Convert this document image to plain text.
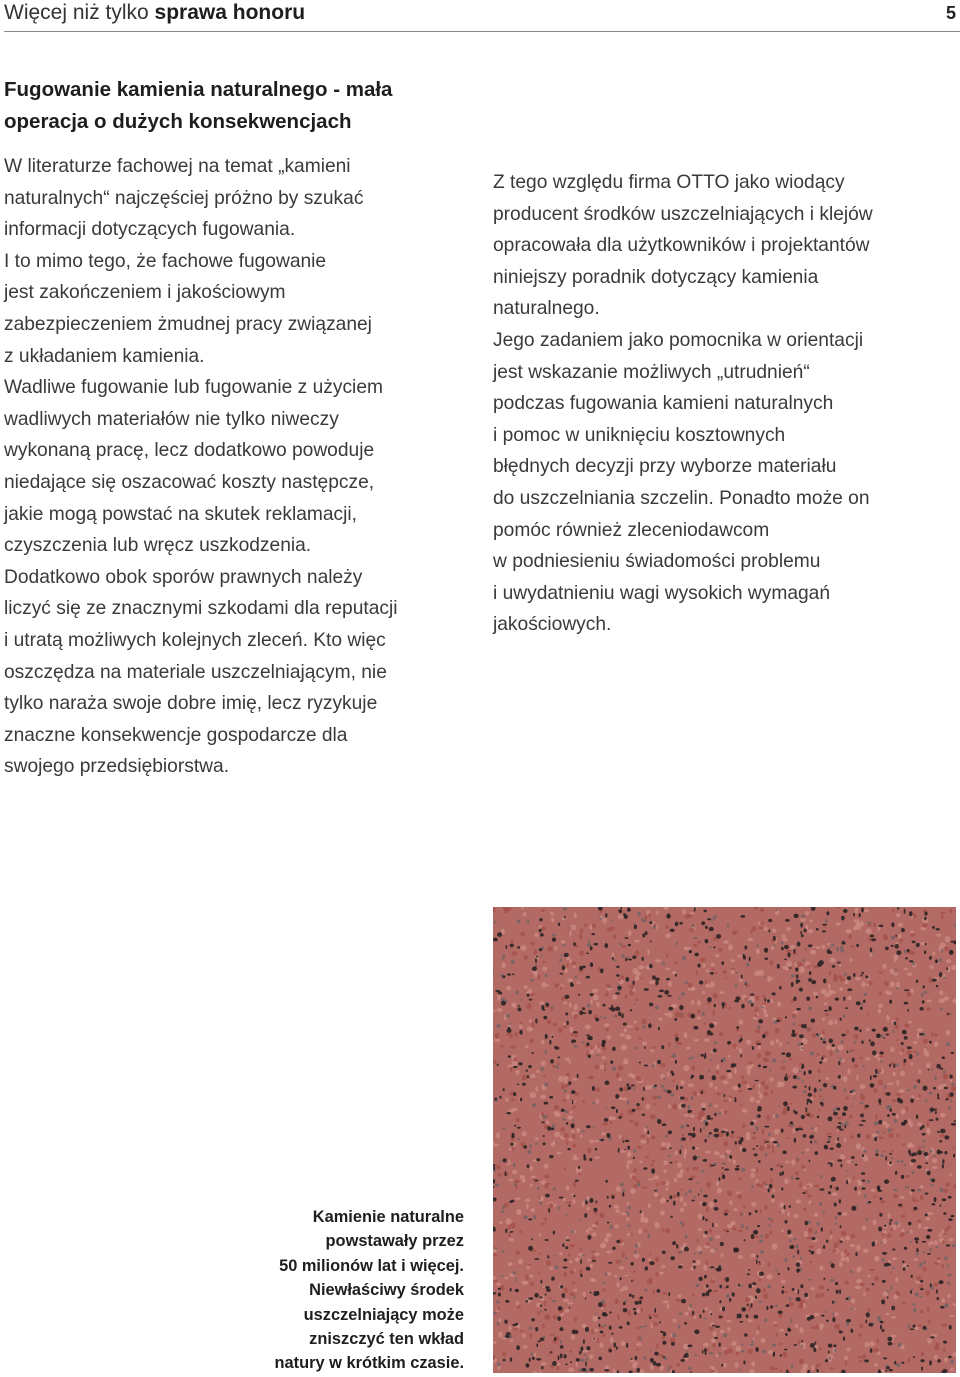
Więcej niż tylko sprawa honoru	5
Fugowanie kamienia naturalnego - mała
operacja o dużych konsekwencjach

W literaturze fachowej na temat „kamieni

naturalnych“ najczęściej próżno by szukać

informacji dotyczących fugowania.

I to mimo tego, że fachowe fugowanie

jest zakończeniem i jakościowym

zabezpieczeniem żmudnej pracy związanej

z układaniem kamienia.

Wadliwe fugowanie lub fugowanie z użyciem

wadliwych materiałów nie tylko niweczy

wykonaną pracę, lecz dodatkowo powoduje

niedające się oszacować koszty następcze,

jakie mogą powstać na skutek reklamacji,

czyszczenia lub wręcz uszkodzenia.

Dodatkowo obok sporów prawnych należy

liczyć się ze znacznymi szkodami dla reputacji

i utratą możliwych kolejnych zleceń. Kto więc

oszczędza na materiale uszczelniającym, nie

tylko naraża swoje dobre imię, lecz ryzykuje

znaczne konsekwencje gospodarcze dla

swojego przedsiębiorstwa.

Z tego względu firma OTTO jako wiodący

producent środków uszczelniających i klejów

opracowała dla użytkowników i projektantów

niniejszy poradnik dotyczący kamienia

naturalnego.

Jego zadaniem jako pomocnika w orientacji

jest wskazanie możliwych „utrudnień“

podczas fugowania kamieni naturalnych

i pomoc w uniknięciu kosztownych

błędnych decyzji przy wyborze materiału

do uszczelniania szczelin. Ponadto może on

pomóc również zleceniodawcom

w podniesieniu świadomości problemu

i uwydatnieniu wagi wysokich wymagań

jakościowych.

Kamienie naturalne
powstawały przez
50 milionów lat i więcej.
Niewłaściwy środek
uszczelniający może
zniszczyć ten wkład
natury w krótkim czasie.
